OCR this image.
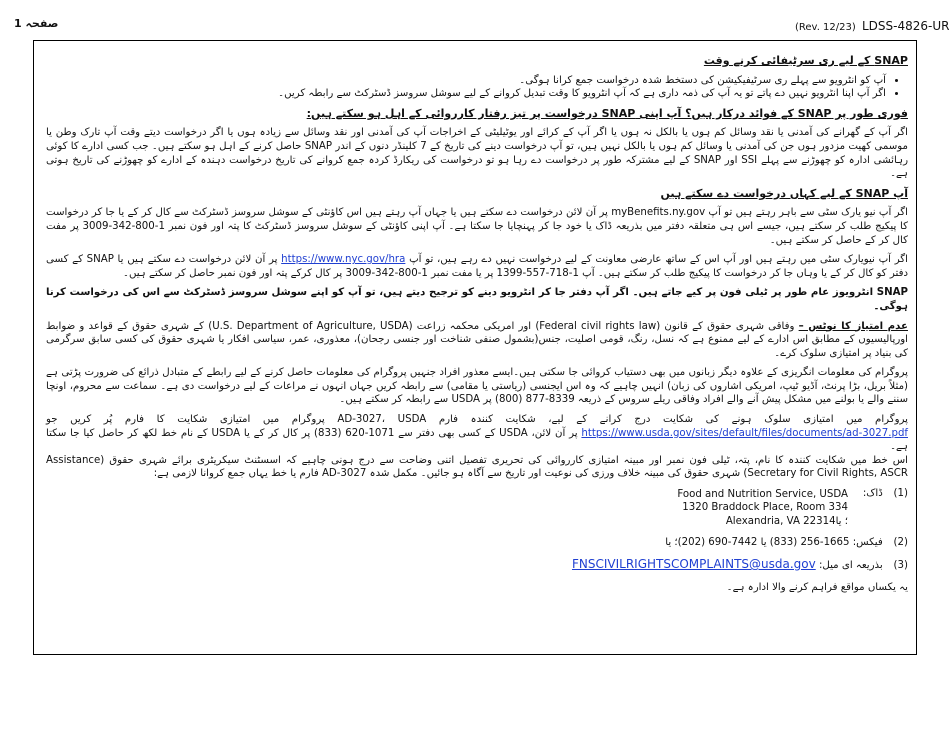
صفحہ 1	(Rev. 12/23) LDSS-4826-UR
SNAP کے لیے ری سرٹیفائی کرنے وقت
• آپ کو انٹرویو سے پہلے ری سرٹیفیکیشن کی دستخط شدہ درخواست جمع کرانا ہوگی۔
• اگر آپ اپنا انٹرویو نہیں دے پاتے تو یہ آپ کی ذمہ داری ہے کہ آپ انٹرویو کا وقت تبدیل کروانے کے لیے سوشل سروسز ڈسٹرکٹ سے رابطہ کریں۔
فوری طور پر SNAP کے فوائد درکار ہیں؟ آپ اپنی SNAP درخواست پر تیز رفتار کارروائی کے اہل ہو سکتے ہیں:

اگر آپ کے گھرانے کی آمدنی یا نقد وسائل کم ہوں یا بالکل نہ ہوں یا اگر آپ کے کرائے اور یوٹیلیٹی کے اخراجات آپ کی آمدنی اور نقد وسائل سے زیادہ ہوں یا اگر درخواست دیتے وقت آپ تارک وطن یا موسمی کھیت مزدور ہوں جن کی آمدنی یا وسائل کم ہوں یا بالکل نہیں ہیں، تو آپ درخواست دینے کی تاریخ کے 7 کلینڈر دنوں کے اندر SNAP حاصل کرنے کے اہل ہو سکتے ہیں۔ جب کسی ادارے کا کوئی رہائشی ادارہ کو چھوڑنے سے پہلے SSI اور SNAP کے لیے مشترکہ طور پر درخواست دے رہا ہو تو درخواست کی ریکارڈ کردہ جمع کروانے کی تاریخ درخواست دہندہ کے ادارے کو چھوڑنے کی تاریخ ہوتی ہے۔

آپ SNAP کے لیے کہاں درخواست دے سکتے ہیں

اگر آپ نیو یارک سٹی سے باہر رہتے ہیں تو آپ myBenefits.ny.gov پر آن لائن درخواست دے سکتے ہیں یا جہاں آپ رہتے ہیں اس کاؤنٹی کے سوشل سروسز ڈسٹرکٹ سے کال کر کے یا جا کر درخواست کا پیکیج طلب کر سکتے ہیں، جیسے اس ہی متعلقہ دفتر میں بذریعہ ڈاک یا خود جا کر پہنچایا جا سکتا ہے۔ آپ اپنی کاؤنٹی کے سوشل سروسز ڈسٹرکٹ کا پتہ اور فون نمبر 1-800-342-3009 پر مفت کال کر کے حاصل کر سکتے ہیں۔

اگر آپ نیویارک سٹی میں رہتے ہیں اور آپ اس کے ساتھ عارضی معاونت کے لیے درخواست نہیں دے رہے ہیں، تو آپ https://www.nyc.gov/hra پر آن لائن درخواست دے سکتے ہیں یا SNAP کے کسی دفتر کو کال کر کے یا وہاں جا کر درخواست کا پیکیج طلب کر سکتے ہیں۔ آپ 1-718-557-1399 پر یا مفت نمبر 1-800-342-3009 پر کال کرکے پتہ اور فون نمبر حاصل کر سکتے ہیں۔

SNAP انٹرویوز عام طور پر ٹیلی فون پر کیے جاتے ہیں۔ اگر آپ دفتر جا کر انٹرویو دینے کو ترجیح دیتے ہیں، تو آپ کو اپنے سوشل سروسز ڈسٹرکٹ سے اس کی درخواست کرنا ہوگی۔

عدم امتیاز کا نوٹس – وفاقی شہری حقوق کے قانون (Federal civil rights law) اور امریکی محکمہ زراعت (U.S. Department of Agriculture, USDA) کے شہری حقوق کے قواعد و ضوابط اورپالیسیوں کے مطابق اس ادارے کے لیے ممنوع ہے کہ نسل، رنگ، قومی اصلیت، جنس(بشمول صنفی شناخت اور جنسی رجحان)، معذوری، عمر، سیاسی افکار یا شہری حقوق کی کسی سابق سرگرمی کی بنیاد پر امتیازی سلوک کرے۔

پروگرام کی معلومات انگریزی کے علاوہ دیگر زبانوں میں بھی دستیاب کروائی جا سکتی ہیں۔ایسے معذور افراد جنہیں پروگرام کی معلومات حاصل کرنے کے لیے رابطے کے متبادل ذرائع کی ضرورت پڑتی ہے (مثلاً بریل، بڑا پرنٹ، آڈیو ٹیپ، امریکی اشاروں کی زبان) انہیں چاہیے کہ وہ اس ایجنسی (ریاستی یا مقامی) سے رابطہ کریں جہاں انہوں نے مراعات کے لیے درخواست دی ہے۔ سماعت سے محروم، اونچا سننے والے یا بولنے میں مشکل پیش آنے والے افراد وفاقی ریلے سروس کے ذریعہ 8339-877 (800) پر USDA سے رابطہ کر سکتے ہیں۔

پروگرام میں امتیازی سلوک ہونے کی شکایت درج کرانے کے لیے، شکایت کنندہ فارم AD-3027، USDA پروگرام میں امتیازی شکایت کا فارم پُر کریں جو https://www.usda.gov/sites/default/files/documents/ad-3027.pdf پر آن لائن، USDA کے کسی بھی دفتر سے 1071-620 (833) پر کال کر کے یا USDA کے نام خط لکھ کر حاصل کیا جا سکتا ہے۔

اس خط میں شکایت کنندہ کا نام، پتہ، ٹیلی فون نمبر اور مبینہ امتیازی کارروائی کی تحریری تفصیل اتنی وضاحت سے درج ہونی چاہیے کہ اسسٹنٹ سیکریٹری برائے شہری حقوق (Assistance Secretary for Civil Rights, ASCR) شہری حقوق کی مبینہ خلاف ورزی کی نوعیت اور تاریخ سے آگاہ ہو جائیں۔ مکمل شدہ AD-3027 فارم یا خط یہاں جمع کروانا لازمی ہے:

(1) ڈاک:
Food and Nutrition Service, USDA
1320 Braddock Place, Room 334
Alexandria, VA 22314؛ یا
(2) فیکس: 1665-256 (833) یا 7442-690 (202)؛ یا
(3) بذریعہ ای میل: FNSCIVILRIGHTSCOMPLAINTS@usda.gov

یہ یکساں مواقع فراہم کرنے والا ادارہ ہے۔
